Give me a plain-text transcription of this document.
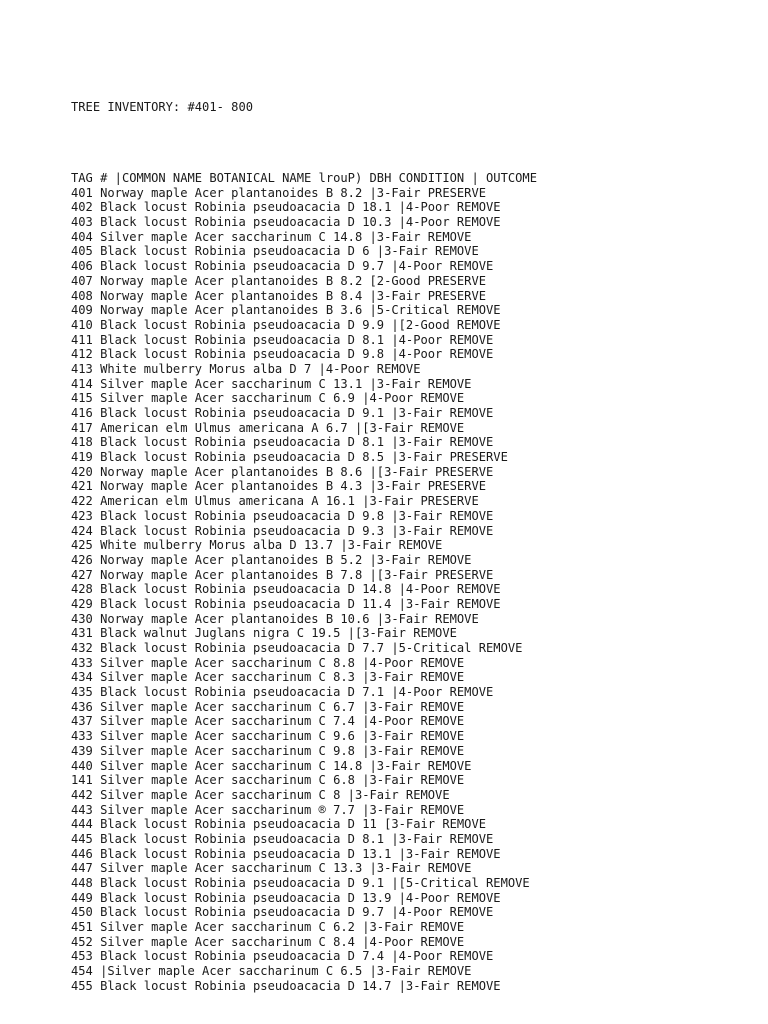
TREE INVENTORY: #401- 800

TAG # |COMMON NAME BOTANICAL NAME lrouP) DBH CONDITION | OUTCOME
401 Norway maple Acer plantanoides B 8.2 |3-Fair PRESERVE
402 Black locust Robinia pseudoacacia D 18.1 |4-Poor REMOVE
403 Black locust Robinia pseudoacacia D 10.3 |4-Poor REMOVE
404 Silver maple Acer saccharinum C 14.8 |3-Fair REMOVE
405 Black locust Robinia pseudoacacia D 6 |3-Fair REMOVE
406 Black locust Robinia pseudoacacia D 9.7 |4-Poor REMOVE
407 Norway maple Acer plantanoides B 8.2 [2-Good PRESERVE
408 Norway maple Acer plantanoides B 8.4 |3-Fair PRESERVE
409 Norway maple Acer plantanoides B 3.6 |5-Critical REMOVE
410 Black locust Robinia pseudoacacia D 9.9 |[2-Good REMOVE
411 Black locust Robinia pseudoacacia D 8.1 |4-Poor REMOVE
412 Black locust Robinia pseudoacacia D 9.8 |4-Poor REMOVE
413 White mulberry Morus alba D 7 |4-Poor REMOVE
414 Silver maple Acer saccharinum C 13.1 |3-Fair REMOVE
415 Silver maple Acer saccharinum C 6.9 |4-Poor REMOVE
416 Black locust Robinia pseudoacacia D 9.1 |3-Fair REMOVE
417 American elm Ulmus americana A 6.7 |[3-Fair REMOVE
418 Black locust Robinia pseudoacacia D 8.1 |3-Fair REMOVE
419 Black locust Robinia pseudoacacia D 8.5 |3-Fair PRESERVE
420 Norway maple Acer plantanoides B 8.6 |[3-Fair PRESERVE
421 Norway maple Acer plantanoides B 4.3 |3-Fair PRESERVE
422 American elm Ulmus americana A 16.1 |3-Fair PRESERVE
423 Black locust Robinia pseudoacacia D 9.8 |3-Fair REMOVE
424 Black locust Robinia pseudoacacia D 9.3 |3-Fair REMOVE
425 White mulberry Morus alba D 13.7 |3-Fair REMOVE
426 Norway maple Acer plantanoides B 5.2 |3-Fair REMOVE
427 Norway maple Acer plantanoides B 7.8 |[3-Fair PRESERVE
428 Black locust Robinia pseudoacacia D 14.8 |4-Poor REMOVE
429 Black locust Robinia pseudoacacia D 11.4 |3-Fair REMOVE
430 Norway maple Acer plantanoides B 10.6 |3-Fair REMOVE
431 Black walnut Juglans nigra C 19.5 |[3-Fair REMOVE
432 Black locust Robinia pseudoacacia D 7.7 |5-Critical REMOVE
433 Silver maple Acer saccharinum C 8.8 |4-Poor REMOVE
434 Silver maple Acer saccharinum C 8.3 |3-Fair REMOVE
435 Black locust Robinia pseudoacacia D 7.1 |4-Poor REMOVE
436 Silver maple Acer saccharinum C 6.7 |3-Fair REMOVE
437 Silver maple Acer saccharinum C 7.4 |4-Poor REMOVE
433 Silver maple Acer saccharinum C 9.6 |3-Fair REMOVE
439 Silver maple Acer saccharinum C 9.8 |3-Fair REMOVE
440 Silver maple Acer saccharinum C 14.8 |3-Fair REMOVE
141 Silver maple Acer saccharinum C 6.8 |3-Fair REMOVE
442 Silver maple Acer saccharinum C 8 |3-Fair REMOVE
443 Silver maple Acer saccharinum ® 7.7 |3-Fair REMOVE
444 Black locust Robinia pseudoacacia D 11 [3-Fair REMOVE
445 Black locust Robinia pseudoacacia D 8.1 |3-Fair REMOVE
446 Black locust Robinia pseudoacacia D 13.1 |3-Fair REMOVE
447 Silver maple Acer saccharinum C 13.3 |3-Fair REMOVE
448 Black locust Robinia pseudoacacia D 9.1 |[5-Critical REMOVE
449 Black locust Robinia pseudoacacia D 13.9 |4-Poor REMOVE
450 Black locust Robinia pseudoacacia D 9.7 |4-Poor REMOVE
451 Silver maple Acer saccharinum C 6.2 |3-Fair REMOVE
452 Silver maple Acer saccharinum C 8.4 |4-Poor REMOVE
453 Black locust Robinia pseudoacacia D 7.4 |4-Poor REMOVE
454 |Silver maple Acer saccharinum C 6.5 |3-Fair REMOVE
455 Black locust Robinia pseudoacacia D 14.7 |3-Fair REMOVE
